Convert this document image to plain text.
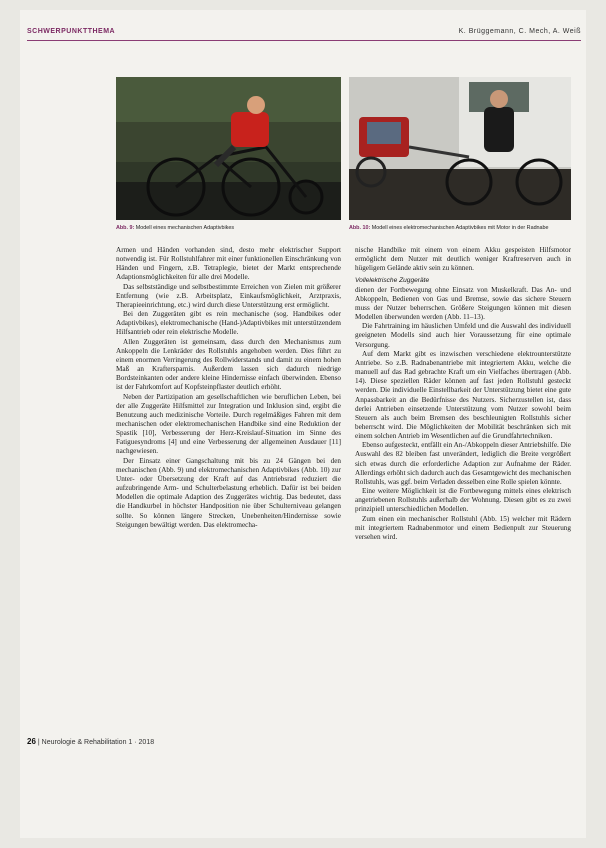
SCHWERPUNKTTHEMA	K. Brüggemann, C. Mech, A. Weiß
Abb. 9: Modell eines mechanischen Adaptivbikes	Abb. 10: Modell eines elektromechanischen Adaptivbikes mit Motor in der Radnabe

Armen und Händen vorhanden sind, desto mehr elektrischer Support notwendig ist. Für Rollstuhlfahrer mit einer funktionellen Einschränkung von Händen und Fingern, z.B. Tetraplegie, bietet der Markt entsprechende Adaptionsmöglichkeiten für alle drei Modelle.

Das selbstständige und selbstbestimmte Erreichen von Zielen mit größerer Entfernung (wie z.B. Arbeitsplatz, Einkaufsmöglichkeit, Arztpraxis, Therapieeinrichtung, etc.) wird durch diese Unterstützung erst ermöglicht.

Bei den Zuggeräten gibt es rein mechanische (sog. Handbikes oder Adaptivbikes), elektromechanische (Hand-)Adaptivbikes mit unterstützendem Hilfsantrieb oder rein elektrische Modelle.

Allen Zuggeräten ist gemeinsam, dass durch den Mechanismus zum Ankoppeln die Lenkräder des Rollstuhls angehoben werden. Dies führt zu einem enormen Verringerung des Rollwiderstands und damit zu einem hohen Maß an Kraftersparnis. Außerdem lassen sich dadurch niedrige Bordsteinkanten oder andere kleine Hindernisse einfach überwinden. Ebenso ist der Fahrkomfort auf Kopfsteinpflaster deutlich erhöht.

Neben der Partizipation am gesellschaftlichen wie beruflichen Leben, bei der alle Zuggeräte Hilfsmittel zur Integration und Inklusion sind, ergibt die Benutzung auch medizinische Vorteile. Durch regelmäßiges Fahren mit dem mechanischen oder elektromechanischen Handbike sind eine Reduktion der Spastik [10], Verbesserung der Herz-Kreislauf-Situation im Sinne des Fatiguesyndroms [4] und eine Verbesserung der allgemeinen Ausdauer [11] nachgewiesen.

Der Einsatz einer Gangschaltung mit bis zu 24 Gängen bei den mechanischen (Abb. 9) und elektromechanischen Adaptivbikes (Abb. 10) zur Unter- oder Übersetzung der Kraft auf das Antriebsrad reduziert die aufzubringende Arm- und Schulterbelastung erheblich. Dafür ist bei beiden Modellen die optimale Adaption des Zuggerätes wichtig. Das bedeutet, dass die Handkurbel in höchster Handposition nie über Schulterniveau gelangen sollte. So können längere Strecken, Unebenheiten/Hindernisse sowie Steigungen bewältigt werden. Das elektromecha-

nische Handbike mit einem von einem Akku gespeisten Hilfsmotor ermöglicht dem Nutzer mit deutlich weniger Kraftreserven auch in hügeligem Gelände aktiv sein zu können.

Vollelektrische Zuggeräte

dienen der Fortbewegung ohne Einsatz von Muskelkraft. Das An- und Abkoppeln, Bedienen von Gas und Bremse, sowie das sichere Steuern muss der Nutzer beherrschen. Größere Steigungen können mit diesen Modellen überwunden werden (Abb. 11–13).

Die Fahrtraining im häuslichen Umfeld und die Auswahl des individuell geeigneten Modells sind auch hier Voraussetzung für eine optimale Versorgung.

Auf dem Markt gibt es inzwischen verschiedene elektrounterstützte Antriebe. So z.B. Radnabenantriebe mit integriertem Akku, welche die manuell auf das Rad gebrachte Kraft um ein Vielfaches übertragen (Abb. 14). Diese speziellen Räder können auf fast jeden Rollstuhl gesteckt werden. Die individuelle Einstellbarkeit der Unterstützung bietet eine gute Anpassbarkeit an die Bedürfnisse des Nutzers. Sicherzustellen ist, dass derlei Antrieben einsetzende Unterstützung vom Nutzer sowohl beim Steuern als auch beim Bremsen des beschleunigten Rollstuhls sicher beherrscht wird. Die Möglichkeiten der Mobilität beschränken sich mit einem solchen Antrieb im Wesentlichen auf die Grundfahrtechniken.

Ebenso aufgesteckt, entfällt ein An-/Abkoppeln dieser Antriebshilfe. Die Auswahl des 82 bleiben fast unverändert, lediglich die Breite vergrößert sich etwas durch die erforderliche Adaption zur Aufnahme der Räder. Allerdings erhöht sich dadurch auch das Gesamtgewicht des mechanischen Rollstuhls, was ggf. beim Verladen desselben eine Rolle spielen könnte.

Eine weitere Möglichkeit ist die Fortbewegung mittels eines elektrisch angetriebenen Rollstuhls außerhalb der Wohnung. Diesen gibt es zu zwei prinzipiell unterschiedlichen Modellen.

Zum einen ein mechanischer Rollstuhl (Abb. 15) welcher mit Rädern mit integriertem Radnabenmotor und einem Bedienpult zur Steuerung versehen wird.

26 | Neurologie & Rehabilitation 1 · 2018
